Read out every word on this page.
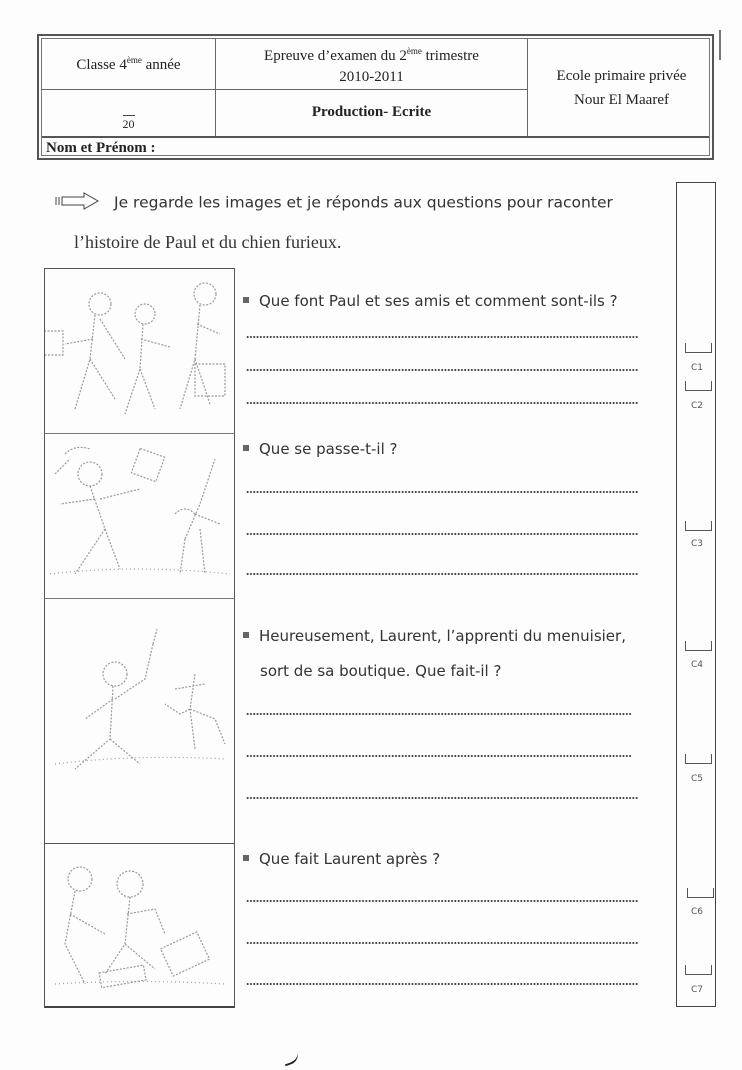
Classe 4ème année
20
Epreuve d’examen du 2ème trimestre
2010-2011
Production- Ecrite
Ecole primaire privée
Nour El Maaref
Nom et Prénom :
Je regarde les images et je réponds aux questions pour raconter
l’histoire de Paul et du chien furieux.
Que font Paul et ses amis et comment sont-ils ?
Que se passe-t-il ?
Heureusement, Laurent, l’apprenti du menuisier,
sort de sa boutique. Que fait-il ?
Que fait Laurent après ?
C1
C2
C3
C4
C5
C6
C7
